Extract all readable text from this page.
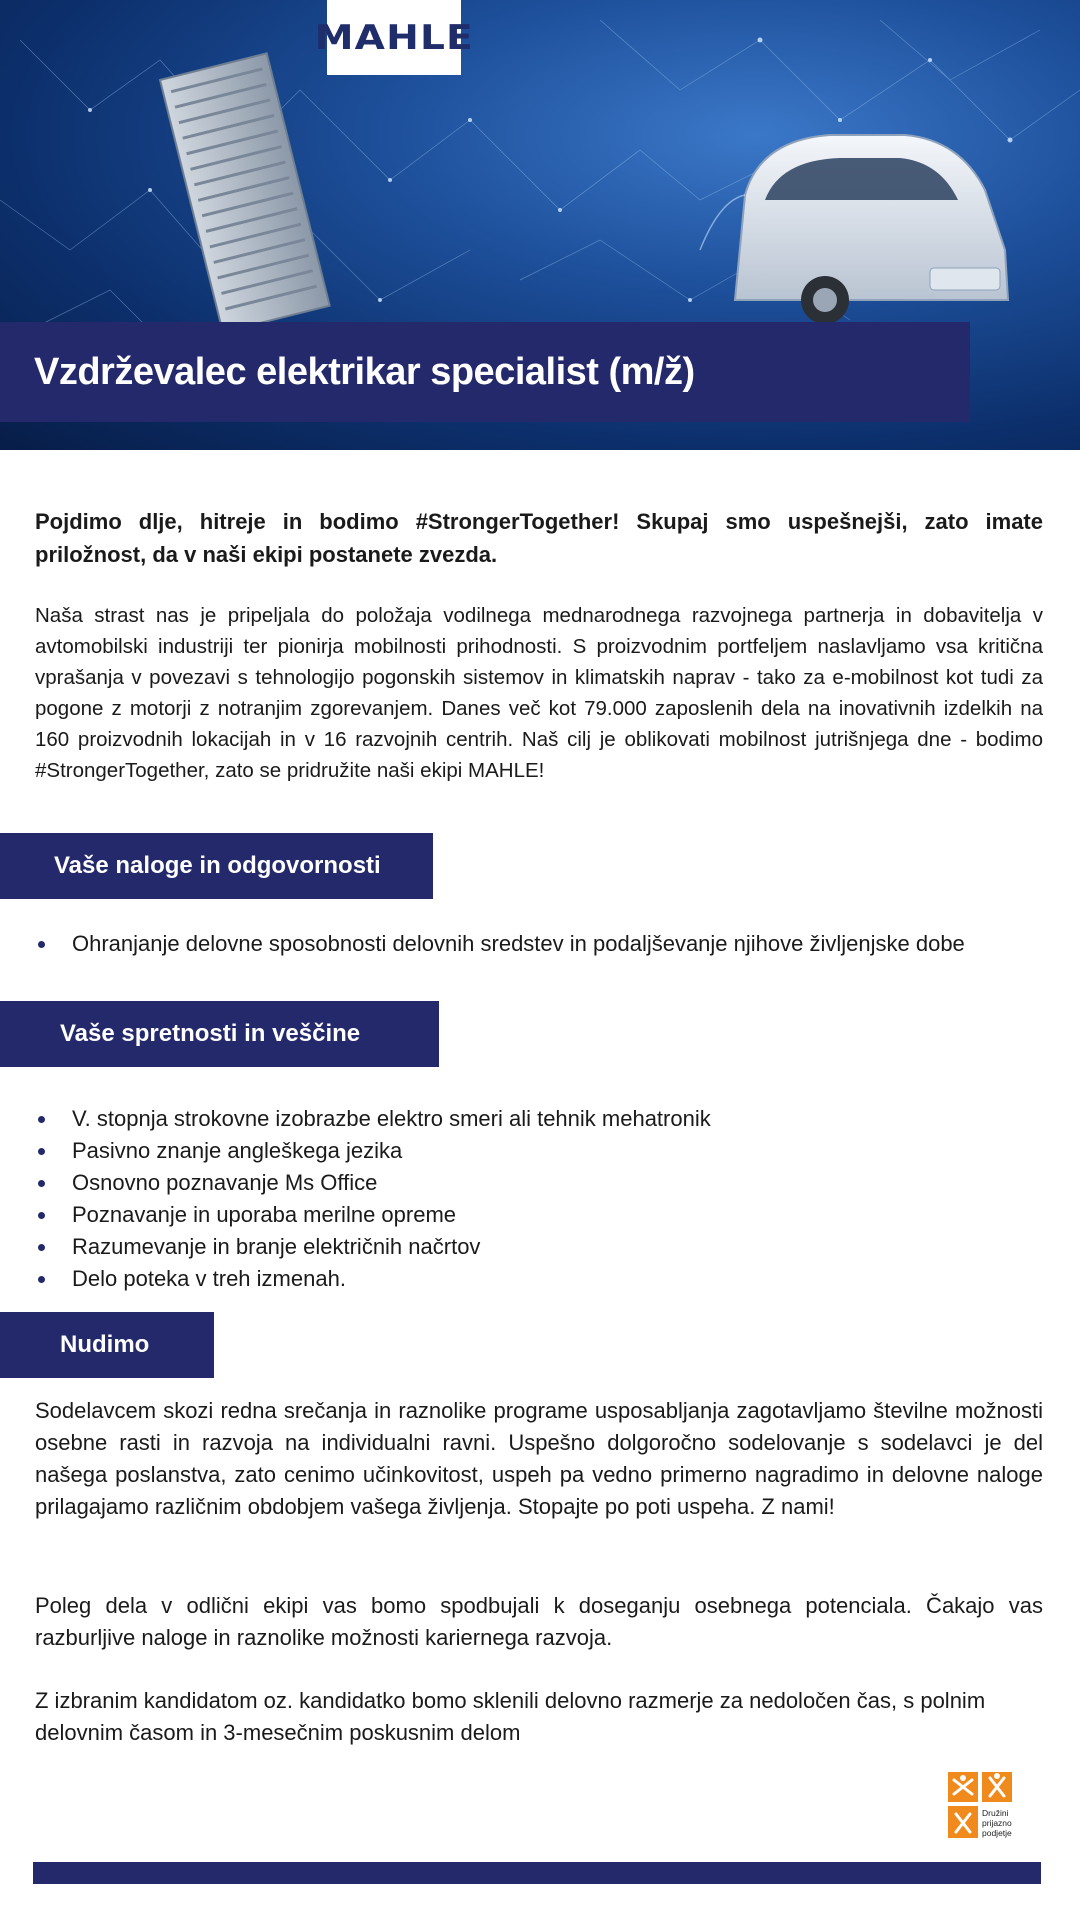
MAHLE
Vzdrževalec elektrikar specialist (m/ž)

Pojdimo dlje, hitreje in bodimo #StrongerTogether! Skupaj smo uspešnejši, zato imate priložnost, da v naši ekipi postanete zvezda.

Naša strast nas je pripeljala do položaja vodilnega mednarodnega razvojnega partnerja in dobavitelja v avtomobilski industriji ter pionirja mobilnosti prihodnosti. S proizvodnim portfeljem naslavljamo vsa kritična vprašanja v povezavi s tehnologijo pogonskih sistemov in klimatskih naprav - tako za e-mobilnost kot tudi za pogone z motorji z notranjim zgorevanjem. Danes več kot 79.000 zaposlenih dela na inovativnih izdelkih na 160 proizvodnih lokacijah in v 16 razvojnih centrih. Naš cilj je oblikovati mobilnost jutrišnjega dne - bodimo #StrongerTogether, zato se pridružite naši ekipi MAHLE!

Vaše naloge in odgovornosti
Ohranjanje delovne sposobnosti delovnih sredstev in podaljševanje njihove življenjske dobe
Vaše spretnosti in veščine
V. stopnja strokovne izobrazbe elektro smeri ali tehnik mehatronik
Pasivno znanje angleškega jezika
Osnovno poznavanje Ms Office
Poznavanje in uporaba merilne opreme
Razumevanje in branje električnih načrtov
Delo poteka v treh izmenah.
Nudimo

Sodelavcem skozi redna srečanja in raznolike programe usposabljanja zagotavljamo številne možnosti osebne rasti in razvoja na individualni ravni. Uspešno dolgoročno sodelovanje s sodelavci je del našega poslanstva, zato cenimo učinkovitost, uspeh pa vedno primerno nagradimo in delovne naloge prilagajamo različnim obdobjem vašega življenja. Stopajte po poti uspeha. Z nami!

Poleg dela v odlični ekipi vas bomo spodbujali k doseganju osebnega potenciala. Čakajo vas razburljive naloge in raznolike možnosti kariernega razvoja.

Z izbranim kandidatom oz. kandidatko bomo sklenili delovno razmerje za nedoločen čas, s polnim delovnim časom in 3-mesečnim poskusnim delom

Družini
prijazno
podjetje
